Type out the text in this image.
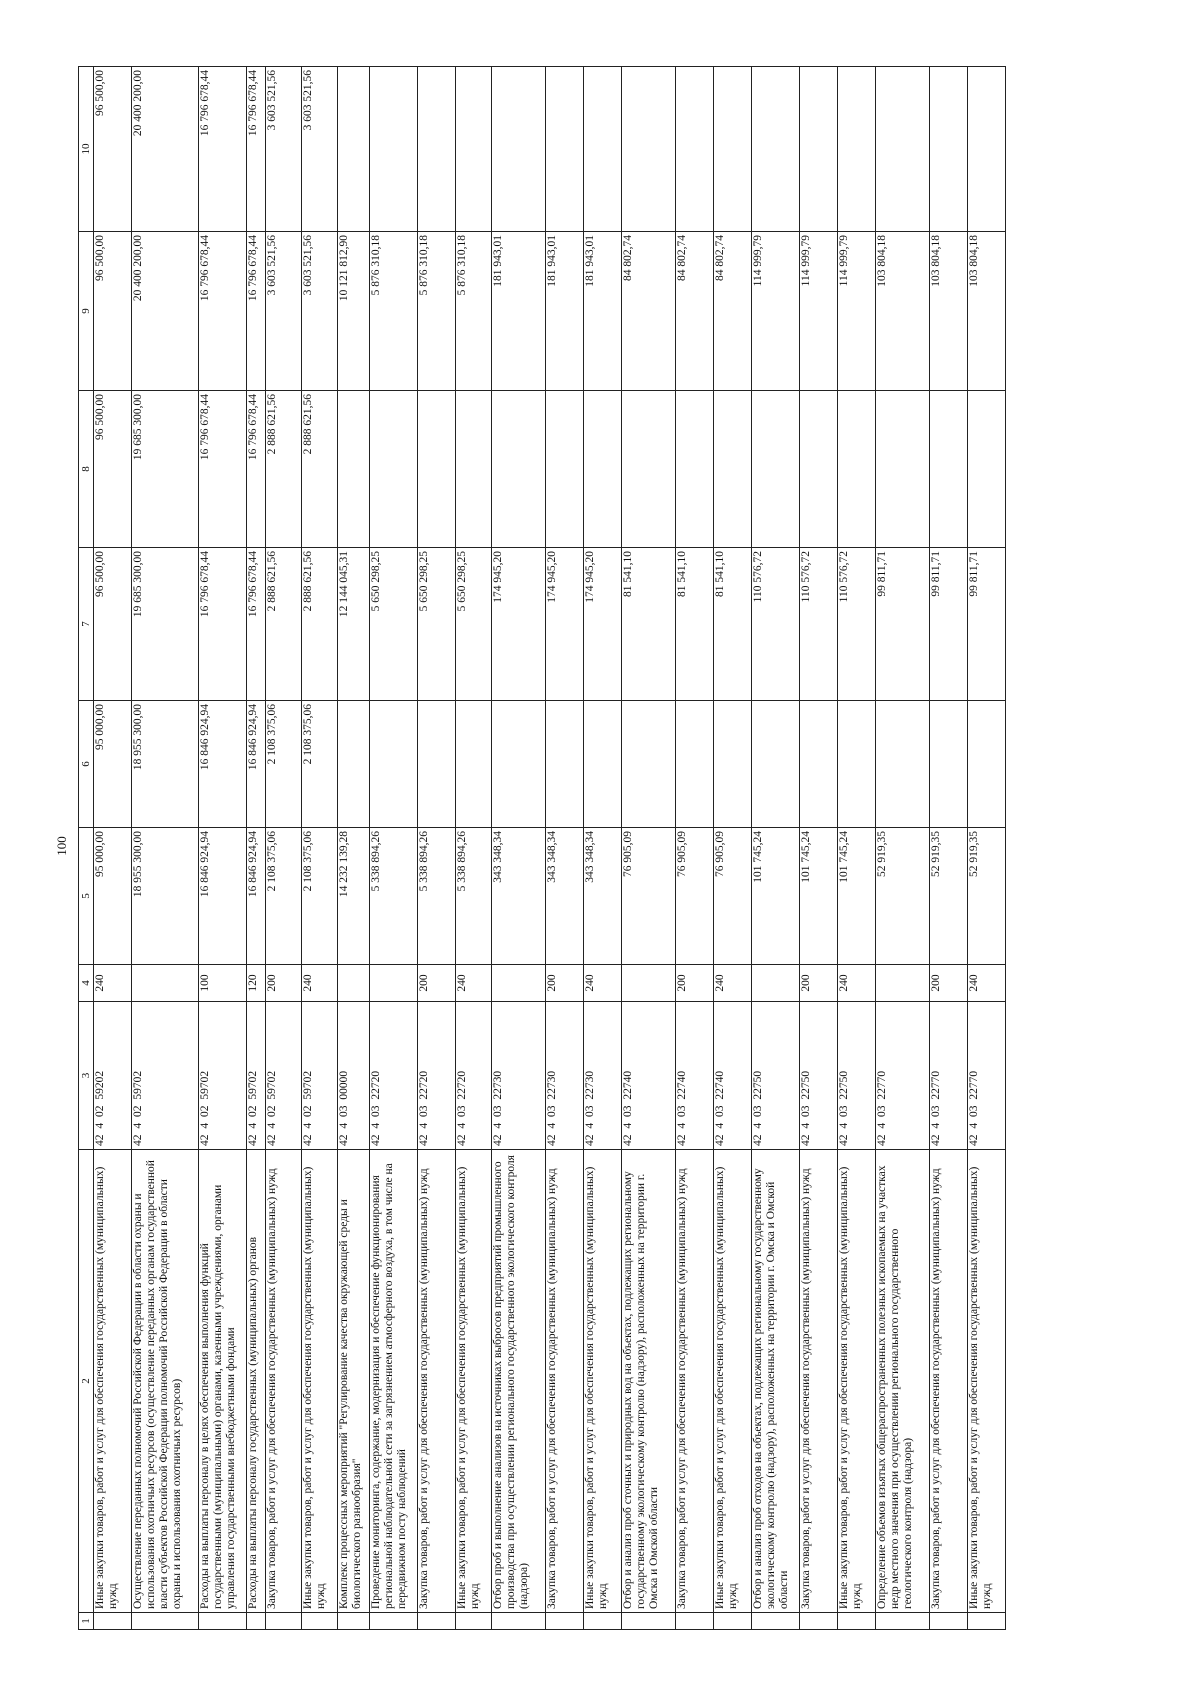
100
1	2	3	4	5	6	7	8	9	10
	Иные закупки товаров, работ и услуг для обеспечения государственных (муниципальных) нужд	42 4 02 59202	240	95 000,00	95 000,00	96 500,00	96 500,00	96 500,00	96 500,00
	Осуществление переданных полномочий Российской Федерации в области охраны и использования охотничьих ресурсов (осуществление переданных органам государственной власти субъектов Российской Федерации полномочий Российской Федерации в области охраны и использования охотничьих ресурсов)	42 4 02 59702		18 955 300,00	18 955 300,00	19 685 300,00	19 685 300,00	20 400 200,00	20 400 200,00
	Расходы на выплаты персоналу в целях обеспечения выполнения функций государственными (муниципальными) органами, казенными учреждениями, органами управления государственными внебюджетными фондами	42 4 02 59702	100	16 846 924,94	16 846 924,94	16 796 678,44	16 796 678,44	16 796 678,44	16 796 678,44
	Расходы на выплаты персоналу государственных (муниципальных) органов	42 4 02 59702	120	16 846 924,94	16 846 924,94	16 796 678,44	16 796 678,44	16 796 678,44	16 796 678,44
	Закупка товаров, работ и услуг для обеспечения государственных (муниципальных) нужд	42 4 02 59702	200	2 108 375,06	2 108 375,06	2 888 621,56	2 888 621,56	3 603 521,56	3 603 521,56
	Иные закупки товаров, работ и услуг для обеспечения государственных (муниципальных) нужд	42 4 02 59702	240	2 108 375,06	2 108 375,06	2 888 621,56	2 888 621,56	3 603 521,56	3 603 521,56
	Комплекс процессных мероприятий "Регулирование качества окружающей среды и биологического разнообразия"	42 4 03 00000		14 232 139,28		12 144 045,31		10 121 812,90	
	Проведение мониторинга, содержание, модернизация и обеспечение функционирования региональной наблюдательной сети за загрязнением атмосферного воздуха, в том числе на передвижном посту наблюдений	42 4 03 22720		5 338 894,26		5 650 298,25		5 876 310,18	
	Закупка товаров, работ и услуг для обеспечения государственных (муниципальных) нужд	42 4 03 22720	200	5 338 894,26		5 650 298,25		5 876 310,18	
	Иные закупки товаров, работ и услуг для обеспечения государственных (муниципальных) нужд	42 4 03 22720	240	5 338 894,26		5 650 298,25		5 876 310,18	
	Отбор проб и выполнение анализов на источниках выбросов предприятий промышленного производства при осуществлении регионального государственного экологического контроля (надзора)	42 4 03 22730		343 348,34		174 945,20		181 943,01	
	Закупка товаров, работ и услуг для обеспечения государственных (муниципальных) нужд	42 4 03 22730	200	343 348,34		174 945,20		181 943,01	
	Иные закупки товаров, работ и услуг для обеспечения государственных (муниципальных) нужд	42 4 03 22730	240	343 348,34		174 945,20		181 943,01	
	Отбор и анализ проб сточных и природных вод на объектах, подлежащих региональному государственному экологическому контролю (надзору), расположенных на территории г. Омска и Омской области	42 4 03 22740		76 905,09		81 541,10		84 802,74	
	Закупка товаров, работ и услуг для обеспечения государственных (муниципальных) нужд	42 4 03 22740	200	76 905,09		81 541,10		84 802,74	
	Иные закупки товаров, работ и услуг для обеспечения государственных (муниципальных) нужд	42 4 03 22740	240	76 905,09		81 541,10		84 802,74	
	Отбор и анализ проб отходов на объектах, подлежащих региональному государственному экологическому контролю (надзору), расположенных на территории г. Омска и Омской области	42 4 03 22750		101 745,24		110 576,72		114 999,79	
	Закупка товаров, работ и услуг для обеспечения государственных (муниципальных) нужд	42 4 03 22750	200	101 745,24		110 576,72		114 999,79	
	Иные закупки товаров, работ и услуг для обеспечения государственных (муниципальных) нужд	42 4 03 22750	240	101 745,24		110 576,72		114 999,79	
	Определение объемов изъятых общераспространенных полезных ископаемых на участках недр местного значения при осуществлении регионального государственного геологического контроля (надзора)	42 4 03 22770		52 919,35		99 811,71		103 804,18	
	Закупка товаров, работ и услуг для обеспечения государственных (муниципальных) нужд	42 4 03 22770	200	52 919,35		99 811,71		103 804,18	
	Иные закупки товаров, работ и услуг для обеспечения государственных (муниципальных) нужд	42 4 03 22770	240	52 919,35		99 811,71		103 804,18	
